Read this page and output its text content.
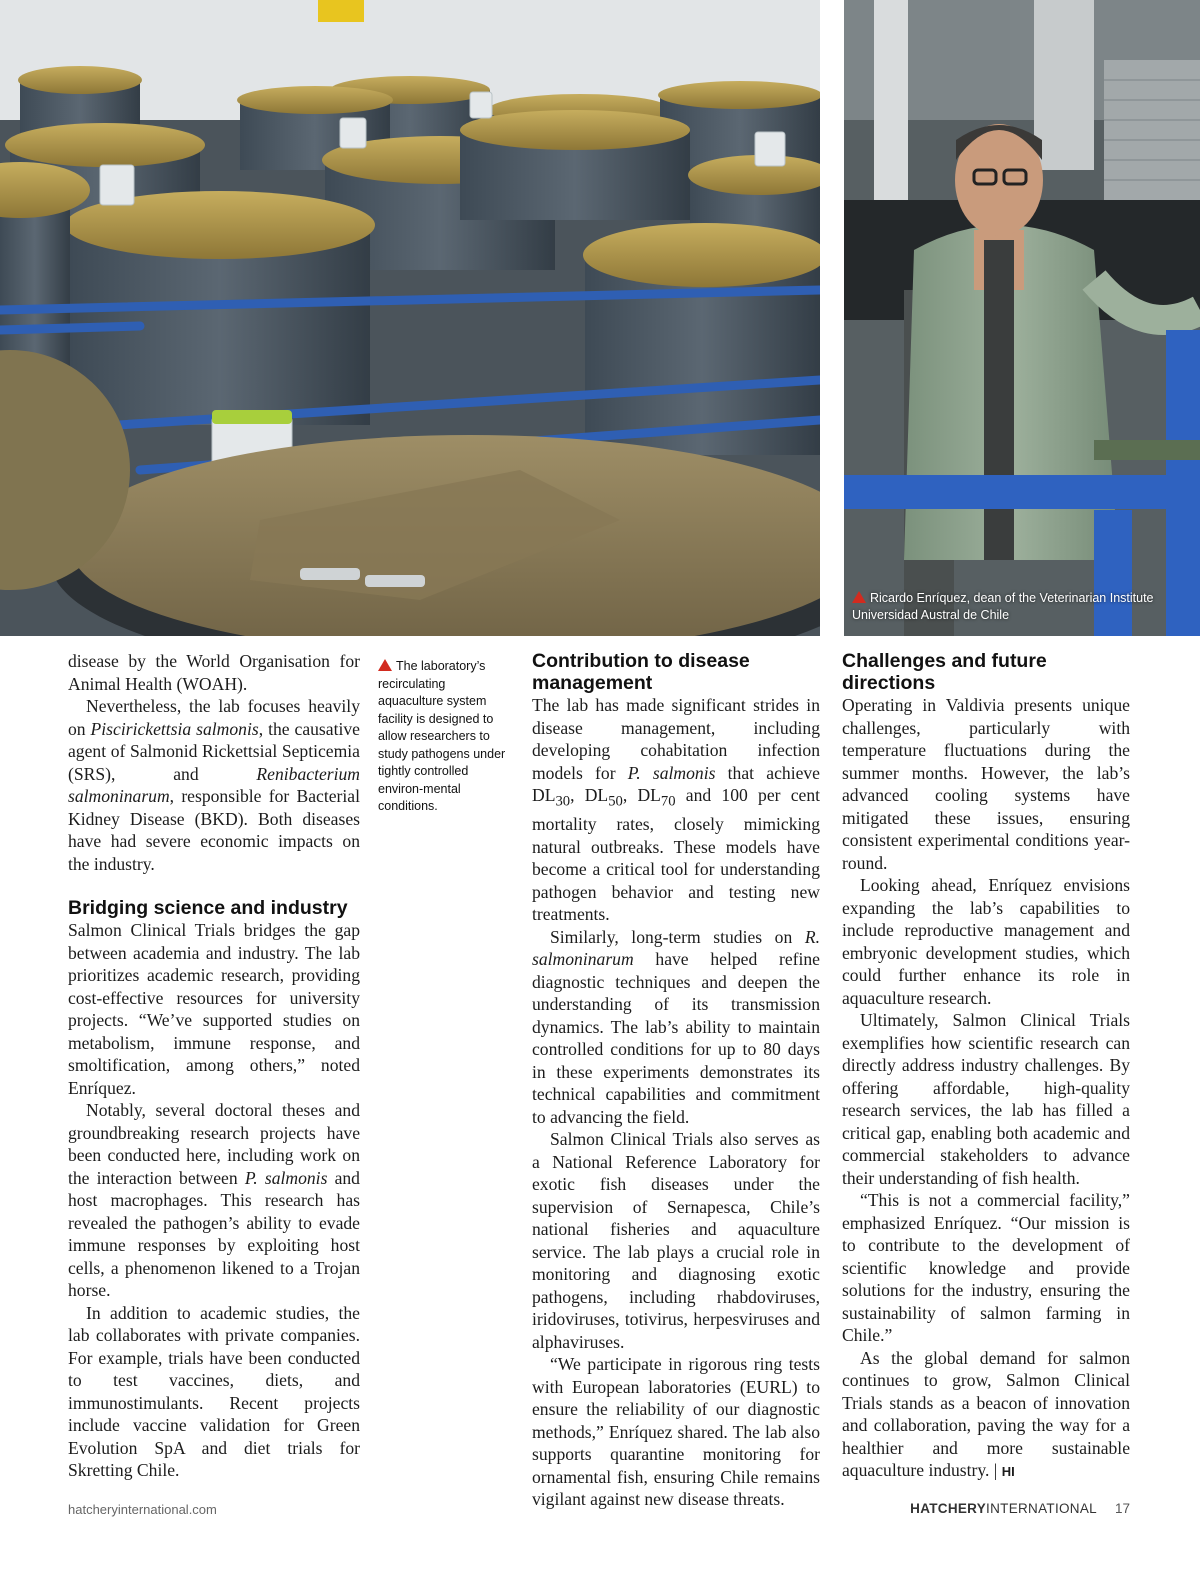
Ricardo Enríquez, dean of the Veterinarian Institute Universidad Austral de Chile

disease by the World Organisation for Animal Health (WOAH).

Nevertheless, the lab focuses heavily on Piscirickettsia salmonis, the causative agent of Salmonid Rickettsial Septicemia (SRS), and Renibacterium salmoninarum, responsible for Bacterial Kidney Disease (BKD). Both diseases have had severe economic impacts on the industry.

Bridging science and industry

Salmon Clinical Trials bridges the gap between academia and industry. The lab prioritizes academic research, providing cost-effective resources for university projects. “We’ve supported studies on metabolism, immune response, and smoltification, among others,” noted Enríquez.

Notably, several doctoral theses and groundbreaking research projects have been conducted here, including work on the interaction between P. salmonis and host macrophages. This research has revealed the pathogen’s ability to evade immune responses by exploiting host cells, a phenomenon likened to a Trojan horse.

In addition to academic studies, the lab collaborates with private companies. For example, trials have been conducted to test vaccines, diets, and immunostimulants. Recent projects include vaccine validation for Green Evolution SpA and diet trials for Skretting Chile.

The laboratory’s recirculating aquaculture system facility is designed to allow researchers to study pathogens under tightly controlled environ-mental conditions.
Contribution to disease management

The lab has made significant strides in disease management, including developing cohabitation infection models for P. salmonis that achieve $DL_{30}$, $DL_{50}$, $DL_{70}$ and 100 per cent mortality rates, closely mimicking natural outbreaks. These models have become a critical tool for understanding pathogen behavior and testing new treatments.

Similarly, long-term studies on R. salmoninarum have helped refine diagnostic techniques and deepen the understanding of its transmission dynamics. The lab’s ability to maintain controlled conditions for up to 80 days in these experiments demonstrates its technical capabilities and commitment to advancing the field.

Salmon Clinical Trials also serves as a National Reference Laboratory for exotic fish diseases under the supervision of Sernapesca, Chile’s national fisheries and aquaculture service. The lab plays a crucial role in monitoring and diagnosing exotic pathogens, including rhabdoviruses, iridoviruses, totivirus, herpesviruses and alphaviruses.

“We participate in rigorous ring tests with European laboratories (EURL) to ensure the reliability of our diagnostic methods,” Enríquez shared. The lab also supports quarantine monitoring for ornamental fish, ensuring Chile remains vigilant against new disease threats.

Challenges and future directions

Operating in Valdivia presents unique challenges, particularly with temperature fluctuations during the summer months. However, the lab’s advanced cooling systems have mitigated these issues, ensuring consistent experimental conditions year-round.

Looking ahead, Enríquez envisions expanding the lab’s capabilities to include reproductive management and embryonic development studies, which could further enhance its role in aquaculture research.

Ultimately, Salmon Clinical Trials exemplifies how scientific research can directly address industry challenges. By offering affordable, high-quality research services, the lab has filled a critical gap, enabling both academic and commercial stakeholders to advance their understanding of fish health.

“This is not a commercial facility,” emphasized Enríquez. “Our mission is to contribute to the development of scientific knowledge and provide solutions for the industry, ensuring the sustainability of salmon farming in Chile.”

As the global demand for salmon continues to grow, Salmon Clinical Trials stands as a beacon of innovation and collaboration, paving the way for a healthier and more sustainable aquaculture industry. | HI

hatcheryinternational.com	HATCHERYINTERNATIONAL 17
